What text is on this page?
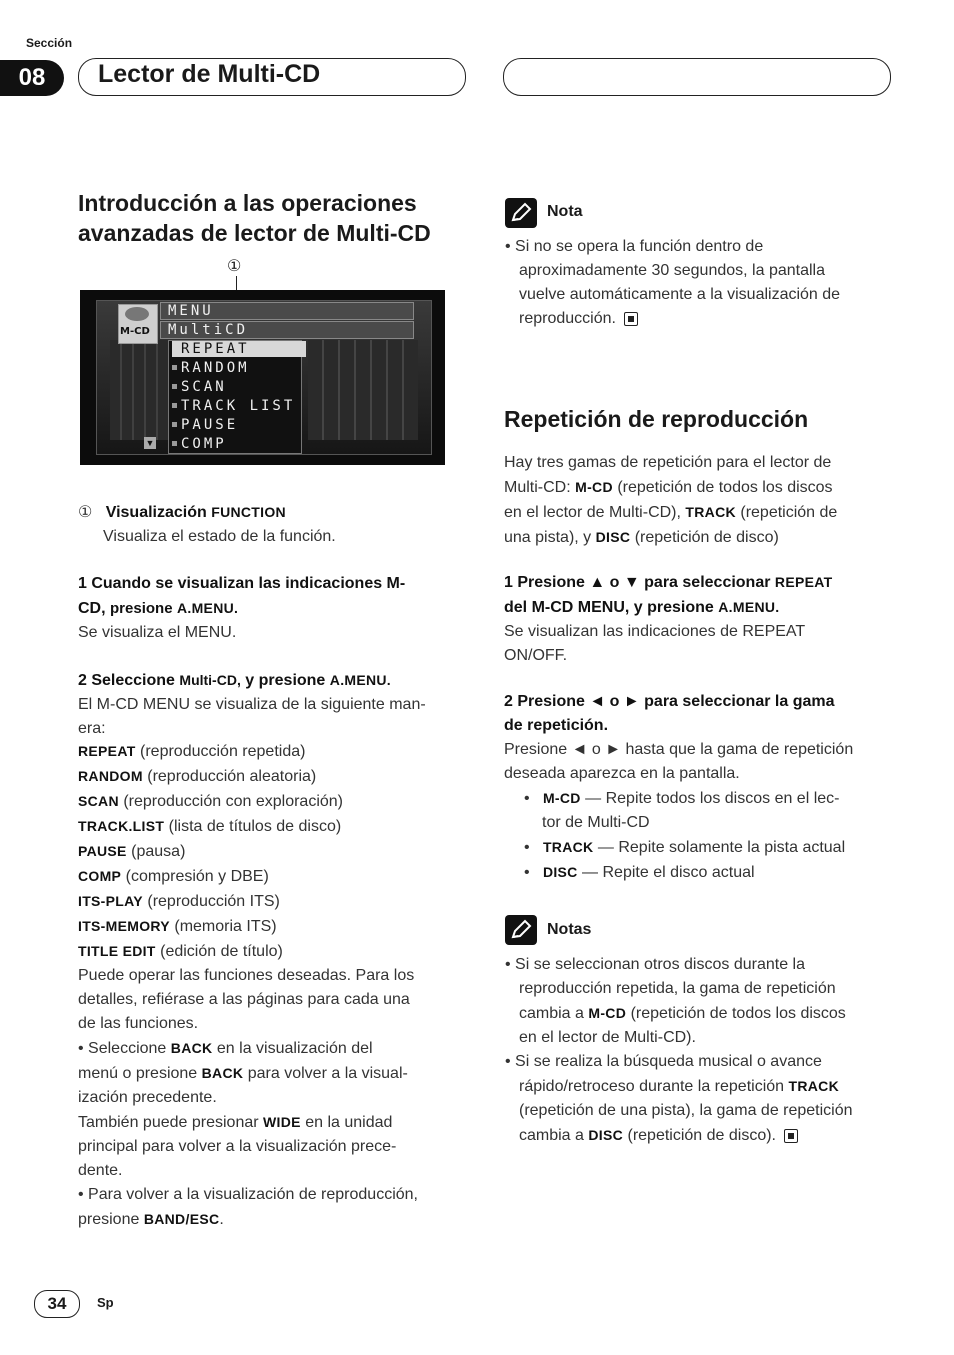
Sección
08	Lector de Multi-CD
Introducción a las operaciones
avanzadas de lector de Multi-CD
①
M-CD
MENU
MultiCD
REPEAT
RANDOM
SCAN
TRACK LIST
PAUSE
COMP
▼
① Visualización FUNCTION
Visualiza el estado de la función.
1 Cuando se visualizan las indicaciones M-
CD, presione A.MENU.
Se visualiza el MENU.
2 Seleccione Multi-CD, y presione A.MENU.
El M-CD MENU se visualiza de la siguiente man-
era:
REPEAT (reproducción repetida)
RANDOM (reproducción aleatoria)
SCAN (reproducción con exploración)
TRACK.LIST (lista de títulos de disco)
PAUSE (pausa)
COMP (compresión y DBE)
ITS-PLAY (reproducción ITS)
ITS-MEMORY (memoria ITS)
TITLE EDIT (edición de título)
Puede operar las funciones deseadas. Para los
detalles, refiérase a las páginas para cada una
de las funciones.
• Seleccione BACK en la visualización del
menú o presione BACK para volver a la visual-
ización precedente.
También puede presionar WIDE en la unidad
principal para volver a la visualización prece-
dente.
• Para volver a la visualización de reproducción,
presione BAND/ESC.
Nota
• Si no se opera la función dentro de
aproximadamente 30 segundos, la pantalla
vuelve automáticamente a la visualización de
reproducción.
Repetición de reproducción
Hay tres gamas de repetición para el lector de
Multi-CD: M-CD (repetición de todos los discos
en el lector de Multi-CD), TRACK (repetición de
una pista), y DISC (repetición de disco)
1 Presione ▲ o ▼ para seleccionar REPEAT
del M-CD MENU, y presione A.MENU.
Se visualizan las indicaciones de REPEAT
ON/OFF.
2 Presione ◄ o ► para seleccionar la gama
de repetición.
Presione ◄ o ► hasta que la gama de repetición
deseada aparezca en la pantalla.
•   M-CD — Repite todos los discos en el lec-
tor de Multi-CD
•   TRACK — Repite solamente la pista actual
•   DISC — Repite el disco actual
Notas
• Si se seleccionan otros discos durante la
reproducción repetida, la gama de repetición
cambia a M-CD (repetición de todos los discos
en el lector de Multi-CD).
• Si se realiza la búsqueda musical o avance
rápido/retroceso durante la repetición TRACK
(repetición de una pista), la gama de repetición
cambia a DISC (repetición de disco).
34	Sp
